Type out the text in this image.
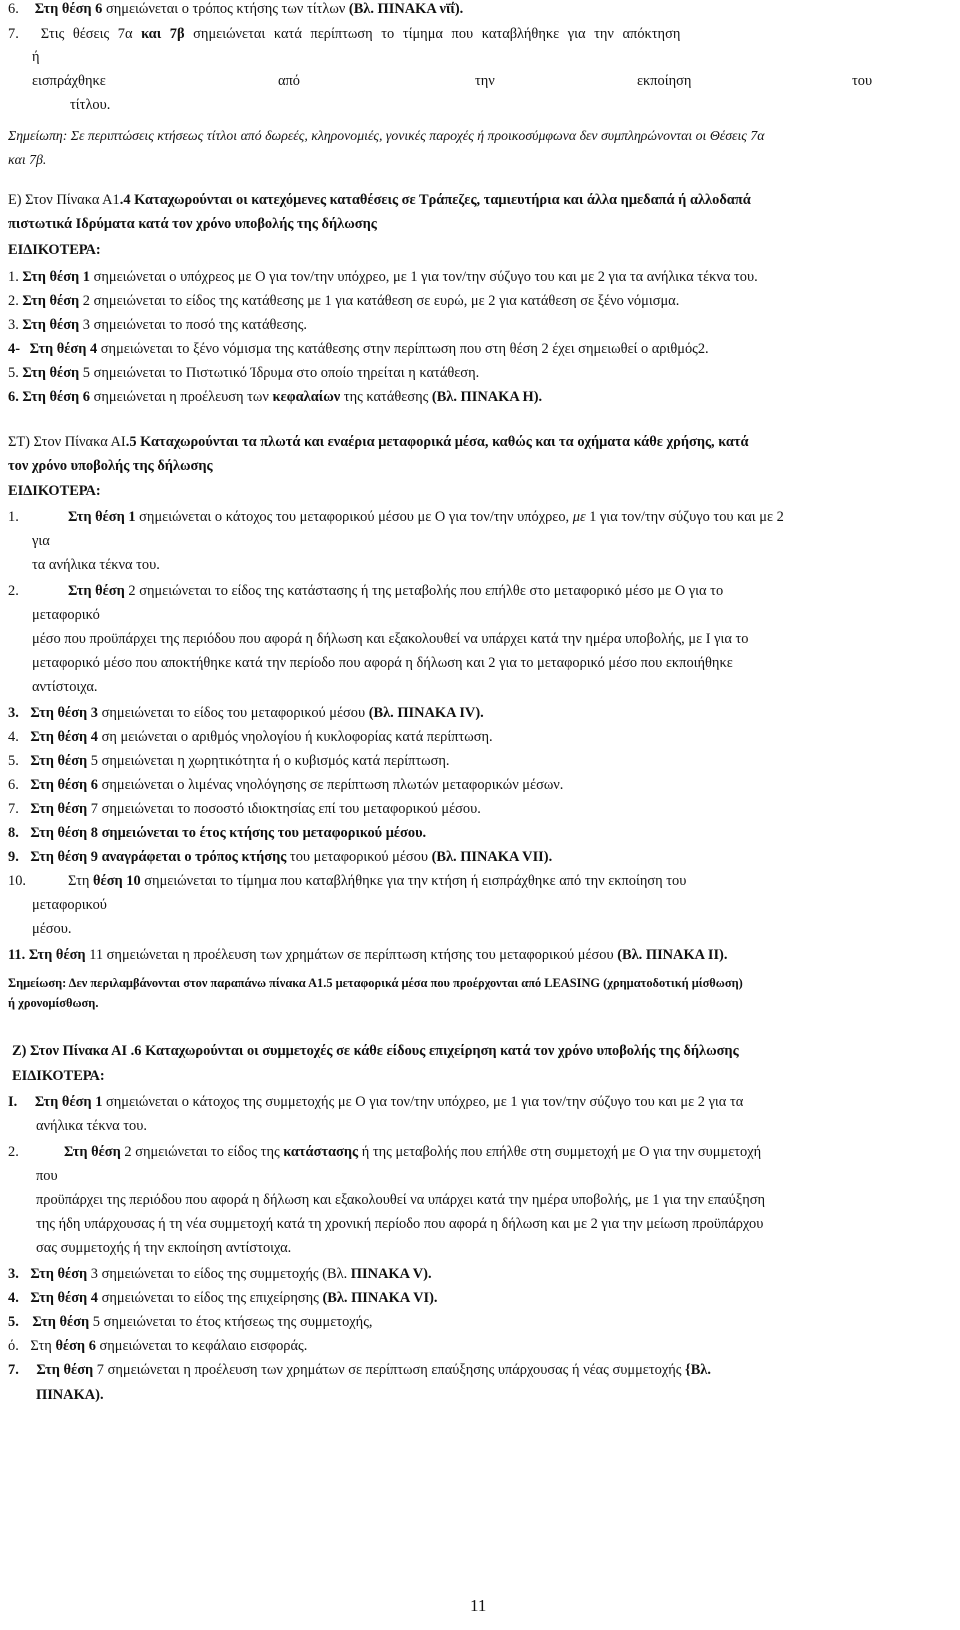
6. Στη θέση 6 σημειώνεται ο τρόπος κτήσης των τίτλων (Βλ. ΠΙΝΑΚΑ νϊΐ).

7. Στις θέσεις 7α και 7β σημειώνεται κατά περίπτωση το τίμημα που καταβλήθηκε για την απόκτηση

ή

εισπράχθηκε	από	την	εκποίηση	του

τίτλου.

Σημείωπη: Σε περιπτώσεις κτήσεως τίτλοι από δωρεές, κληρονομιές, γονικές παροχές ή προικοσύμφωνα δεν συμπληρώνονται οι Θέσεις 7α

και 7β.

Ε) Στον Πίνακα Α1.4 Καταχωρούνται οι κατεχόμενες καταθέσεις σε Τράπεζες, ταμιευτήρια και άλλα ημεδαπά ή αλλοδαπά

πιστωτικά Ιδρύματα κατά τον χρόνο υποβολής της δήλωσης

ΕΙΔΙΚΟΤΕΡΑ:

1. Στη θέση 1 σημειώνεται ο υπόχρεος με Ο για τον/την υπόχρεο, με 1 για τον/την σύζυγο του και με 2 για τα ανήλικα τέκνα του.

2. Στη θέση 2 σημειώνεται το είδος της κατάθεσης με 1 για κατάθεση σε ευρώ, με 2 για κατάθεση σε ξένο νόμισμα.

3. Στη θέση 3 σημειώνεται το ποσό της κατάθεσης.

4- Στη θέση 4 σημειώνεται το ξένο νόμισμα της κατάθεσης στην περίπτωση που στη θέση 2 έχει σημειωθεί ο αριθμός2.

5. Στη θέση 5 σημειώνεται το Πιστωτικό Ίδρυμα στο οποίο τηρείται η κατάθεση.

6. Στη θέση 6 σημειώνεται η προέλευση των κεφαλαίων της κατάθεσης (Βλ. ΠΙΝΑΚΑ Η).

ΣΤ) Στον Πίνακα ΑΙ.5 Καταχωρούνται τα πλωτά και εναέρια μεταφορικά μέσα, καθώς και τα οχήματα κάθε χρήσης, κατά

τον χρόνο υποβολής της δήλωσης

ΕΙΔΙΚΟΤΕΡΑ:

1.	Στη θέση 1 σημειώνεται ο κάτοχος του μεταφορικού μέσου με Ο για τον/την υπόχρεο, με 1 για τον/την σύζυγο του και με 2

για

τα ανήλικα τέκνα του.

2.	Στη θέση 2 σημειώνεται το είδος της κατάστασης ή της μεταβολής που επήλθε στο μεταφορικό μέσο με Ο για το

μεταφορικό

μέσο που προϋπάρχει της περιόδου που αφορά η δήλωση και εξακολουθεί να υπάρχει κατά την ημέρα υποβολής, με I για το

μεταφορικό μέσο που αποκτήθηκε κατά την περίοδο που αφορά η δήλωση και 2 για το μεταφορικό μέσο που εκποιήθηκε

αντίστοιχα.

3. Στη θέση 3 σημειώνεται το είδος του μεταφορικού μέσου (Βλ. ΠΙΝΑΚΑ IV).

4. Στη θέση 4 ση μειώνεται ο αριθμός νηολογίου ή κυκλοφορίας κατά περίπτωση.

5. Στη θέση 5 σημειώνεται η χωρητικότητα ή ο κυβισμός κατά περίπτωση.

6. Στη θέση 6 σημειώνεται ο λιμένας νηολόγησης σε περίπτωση πλωτών μεταφορικών μέσων.

7. Στη θέση 7 σημειώνεται το ποσοστό ιδιοκτησίας επί του μεταφορικού μέσου.

8. Στη θέση 8 σημειώνεται το έτος κτήσης του μεταφορικού μέσου.

9. Στη θέση 9 αναγράφεται ο τρόπος κτήσης του μεταφορικού μέσου (Βλ. ΠΙΝΑΚΑ VII).

10.	Στη θέση 10 σημειώνεται το τίμημα που καταβλήθηκε για την κτήση ή εισπράχθηκε από την εκποίηση του

μεταφορικού

μέσου.

11. Στη θέση 11 σημειώνεται η προέλευση των χρημάτων σε περίπτωση κτήσης του μεταφορικού μέσου (Βλ. ΠΙΝΑΚΑ II).

Σημείωση: Δεν περιλαμβάνονται στον παραπάνω πίνακα Α1.5 μεταφορικά μέσα που προέρχονται από LEASING (χρηματοδοτική μίσθωση)

ή χρονομίσθωση.

Ζ) Στον Πίνακα ΑΙ .6 Καταχωρούνται οι συμμετοχές σε κάθε είδους επιχείρηση κατά τον χρόνο υποβολής της δήλωσης

ΕΙΔΙΚΟΤΕΡΑ:

I. Στη θέση 1 σημειώνεται ο κάτοχος της συμμετοχής με Ο για τον/την υπόχρεο, με 1 για τον/την σύζυγο του και με 2 για τα

ανήλικα τέκνα του.

2.	Στη θέση 2 σημειώνεται το είδος της κατάστασης ή της μεταβολής που επήλθε στη συμμετοχή με Ο για την συμμετοχή

που

προϋπάρχει της περιόδου που αφορά η δήλωση και εξακολουθεί να υπάρχει κατά την ημέρα υποβολής, με 1 για την επαύξηση

της ήδη υπάρχουσας ή τη νέα συμμετοχή κατά τη χρονική περίοδο που αφορά η δήλωση και με 2 για την μείωση προϋπάρχου

σας συμμετοχής ή την εκποίηση αντίστοιχα.

3. Στη θέση 3 σημειώνεται το είδος της συμμετοχής (Βλ. ΠΙΝΑΚΑ V).

4. Στη θέση 4 σημειώνεται το είδος της επιχείρησης (Βλ. ΠΙΝΑΚΑ VI).

5. Στη θέση 5 σημειώνεται το έτος κτήσεως της συμμετοχής,

ό. Στη θέση 6 σημειώνεται το κεφάλαιο εισφοράς.

7. Στη θέση 7 σημειώνεται η προέλευση των χρημάτων σε περίπτωση επαύξησης υπάρχουσας ή νέας συμμετοχής {Βλ.

ΠΙΝΑΚΑ).

11
